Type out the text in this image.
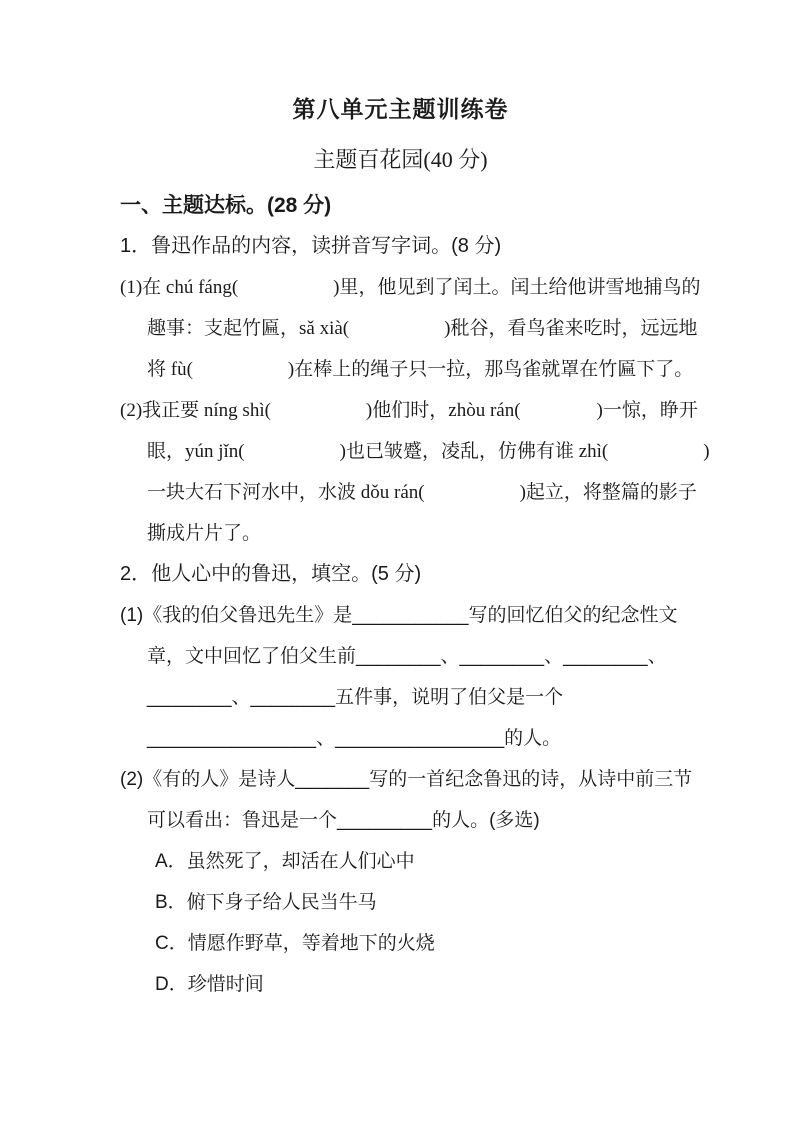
第八单元主题训练卷
主题百花园(40 分)
一、主题达标。(28 分)
1．鲁迅作品的内容，读拼音写字词。(8 分)
(1)在 chú fáng(　　　　　)里，他见到了闰土。闰土给他讲雪地捕鸟的
趣事：支起竹匾，sǎ xià(　　　　　)秕谷，看鸟雀来吃时，远远地
将 fù(　　　　　)在棒上的绳子只一拉，那鸟雀就罩在竹匾下了。
(2)我正要 níng shì(　　　　　)他们时，zhòu rán(　　　　)一惊，睁开
眼，yún jǐn(　　　　　)也已皱蹙，凌乱，仿佛有谁 zhì(　　　　　)
一块大石下河水中，水波 dǒu rán(　　　　　)起立，将整篇的影子
撕成片片了。
2．他人心中的鲁迅，填空。(5 分)
(1)《我的伯父鲁迅先生》是___________写的回忆伯父的纪念性文
章，文中回忆了伯父生前________、________、________、
________、________五件事，说明了伯父是一个
________________、________________的人。
(2)《有的人》是诗人_______写的一首纪念鲁迅的诗，从诗中前三节
可以看出：鲁迅是一个_________的人。(多选)
A．虽然死了，却活在人们心中
B．俯下身子给人民当牛马
C．情愿作野草，等着地下的火烧
D．珍惜时间
